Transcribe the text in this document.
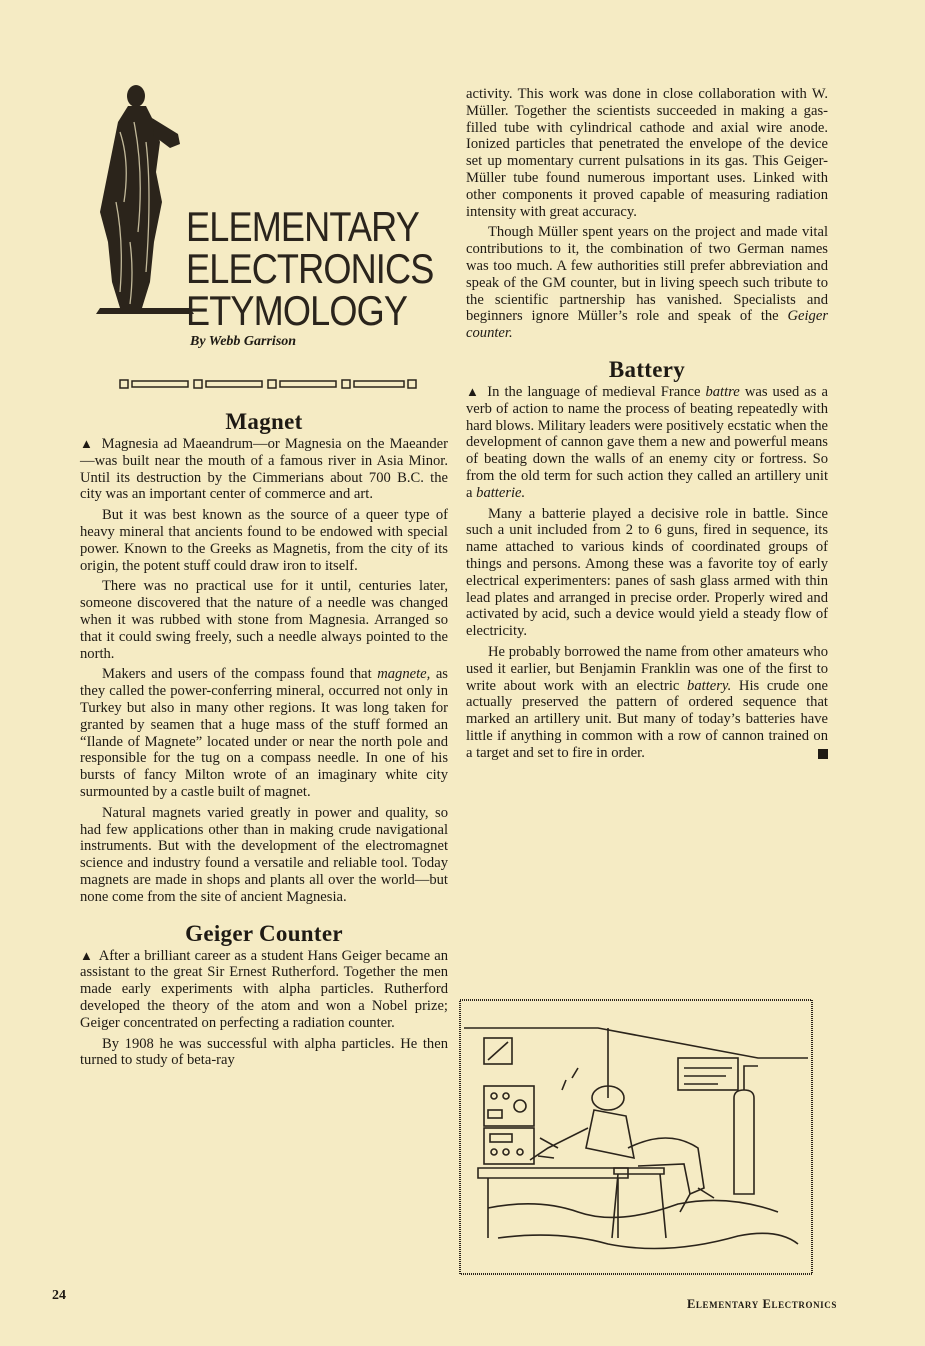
ELEMENTARY
ELECTRONICS
ETYMOLOGY
By Webb Garrison
Magnet

▲ Magnesia ad Maeandrum—or Magnesia on the Maeander—was built near the mouth of a famous river in Asia Minor. Until its destruction by the Cimmerians about 700 B.C. the city was an important center of commerce and art.

But it was best known as the source of a queer type of heavy mineral that ancients found to be endowed with special power. Known to the Greeks as Magnetis, from the city of its origin, the potent stuff could draw iron to itself.

There was no practical use for it until, centuries later, someone discovered that the nature of a needle was changed when it was rubbed with stone from Magnesia. Arranged so that it could swing freely, such a needle always pointed to the north.

Makers and users of the compass found that magnete, as they called the power-conferring mineral, occurred not only in Turkey but also in many other regions. It was long taken for granted by seamen that a huge mass of the stuff formed an “Ilande of Magnete” located under or near the north pole and responsible for the tug on a compass needle. In one of his bursts of fancy Milton wrote of an imaginary white city surmounted by a castle built of magnet.

Natural magnets varied greatly in power and quality, so had few applications other than in making crude navigational instruments. But with the development of the electromagnet science and industry found a versatile and reliable tool. Today magnets are made in shops and plants all over the world—but none come from the site of ancient Magnesia.

Geiger Counter

▲ After a brilliant career as a student Hans Geiger became an assistant to the great Sir Ernest Rutherford. Together the men made early experiments with alpha particles. Rutherford developed the theory of the atom and won a Nobel prize; Geiger concentrated on perfecting a radiation counter.

By 1908 he was successful with alpha particles. He then turned to study of beta-ray

activity. This work was done in close collaboration with W. Müller. Together the scientists succeeded in making a gas-filled tube with cylindrical cathode and axial wire anode. Ionized particles that penetrated the envelope of the device set up momentary current pulsations in its gas. This Geiger-Müller tube found numerous important uses. Linked with other components it proved capable of measuring radiation intensity with great accuracy.

Though Müller spent years on the project and made vital contributions to it, the combination of two German names was too much. A few authorities still prefer abbreviation and speak of the GM counter, but in living speech such tribute to the scientific partnership has vanished. Specialists and beginners ignore Müller’s role and speak of the Geiger counter.

Battery

▲ In the language of medieval France battre was used as a verb of action to name the process of beating repeatedly with hard blows. Military leaders were positively ecstatic when the development of cannon gave them a new and powerful means of beating down the walls of an enemy city or fortress. So from the old term for such action they called an artillery unit a batterie.

Many a batterie played a decisive role in battle. Since such a unit included from 2 to 6 guns, fired in sequence, its name attached to various kinds of coordinated groups of things and persons. Among these was a favorite toy of early electrical experimenters: panes of sash glass armed with thin lead plates and arranged in precise order. Properly wired and activated by acid, such a device would yield a steady flow of electricity.

He probably borrowed the name from other amateurs who used it earlier, but Benjamin Franklin was one of the first to write about work with an electric battery. His crude one actually preserved the pattern of ordered sequence that marked an artillery unit. But many of today’s batteries have little if anything in common with a row of cannon trained on a target and set to fire in order.

24
Elementary Electronics
